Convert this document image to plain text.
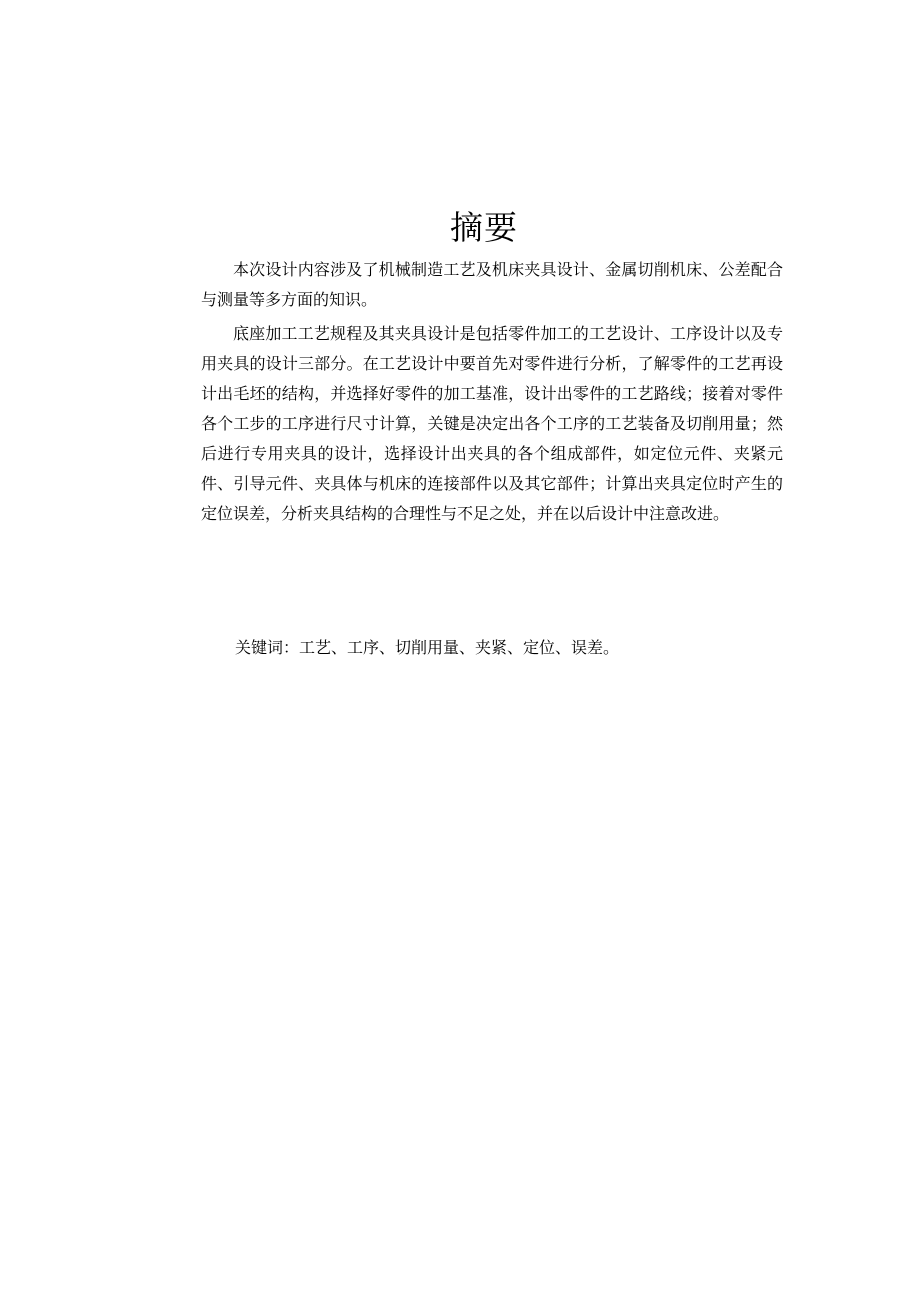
摘要

本次设计内容涉及了机械制造工艺及机床夹具设计、金属切削机床、公差配合与测量等多方面的知识。

底座加工工艺规程及其夹具设计是包括零件加工的工艺设计、工序设计以及专用夹具的设计三部分。在工艺设计中要首先对零件进行分析，了解零件的工艺再设计出毛坯的结构，并选择好零件的加工基准，设计出零件的工艺路线；接着对零件各个工步的工序进行尺寸计算，关键是决定出各个工序的工艺装备及切削用量；然后进行专用夹具的设计，选择设计出夹具的各个组成部件，如定位元件、夹紧元件、引导元件、夹具体与机床的连接部件以及其它部件；计算出夹具定位时产生的定位误差，分析夹具结构的合理性与不足之处，并在以后设计中注意改进。

关键词：工艺、工序、切削用量、夹紧、定位、误差。
